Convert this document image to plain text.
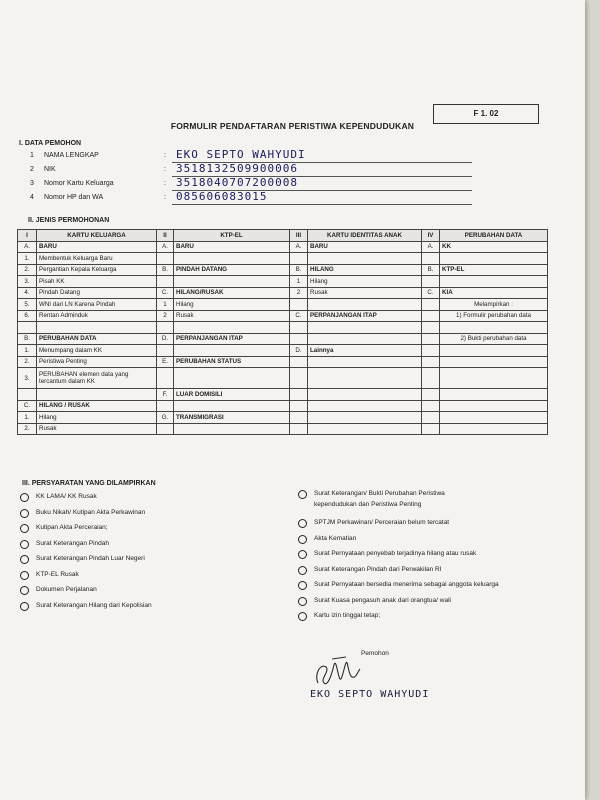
F 1. 02
FORMULIR PENDAFTARAN PERISTIWA KEPENDUDUKAN
I. DATA PEMOHON
1 NAMA LENGKAP	: EKO SEPTO WAHYUDI
2 NIK	: 3518132509900006
3 Nomor Kartu Keluarga	: 3518040707200008
4 Nomor HP dan WA	: 085606083015
II. JENIS PERMOHONAN
I	KARTU KELUARGA	II	KTP-EL	III	KARTU IDENTITAS ANAK	IV	PERUBAHAN DATA
A.	BARU	A.	BARU	A.	BARU	A.	KK
1.	Membentuk Keluarga Baru						
2.	Pergantian Kepala Keluarga	B.	PINDAH DATANG	B.	HILANG	B.	KTP-EL
3.	Pisah KK			1	Hilang		
4.	Pindah Datang	C.	HILANG/RUSAK	2	Rusak	C.	KIA
5.	WNI dari LN Karena Pindah	1	Hilang				Melampirkan :
6.	Rentan Adminduk	2	Rusak	C.	PERPANJANGAN ITAP		1) Formulir perubahan data

B.	PERUBAHAN DATA	D.	PERPANJANGAN ITAP				2) Bukti perubahan data
1.	Menumpang dalam KK			D.	Lainnya		
2.	Peristiwa Penting	E.	PERUBAHAN STATUS				
3.	PERUBAHAN elemen data yang tercantum dalam KK						
		F.	LUAR DOMISILI				
C.	HILANG / RUSAK						
1.	Hilang	G.	TRANSMIGRASI				
2.	Rusak						
III. PERSYARATAN YANG DILAMPIRKAN
KK LAMA/ KK Rusak
Buku Nikah/ Kutipan Akta Perkawinan
Kutipan Akta Perceraian;
Surat Keterangan Pindah
Surat Keterangan Pindah Luar Negeri
KTP-EL Rusak
Dokumen Perjalanan
Surat Keterangan Hilang dari Kepolisian
Surat Keterangan/ Bukti Perubahan Peristiwa
kependudukan dan Peristiwa Penting
SPTJM Perkawinan/ Perceraian belum tercatat
Akta Kematian
Surat Pernyataan penyebab terjadinya hilang atau rusak
Surat Keterangan Pindah dari Perwakilan RI
Surat Pernyataan bersedia menerima sebagai anggota keluarga
Surat Kuasa pengasuh anak dari orangtua/ wali
Kartu izin tinggal tetap;
Pemohon
EKO SEPTO WAHYUDI
